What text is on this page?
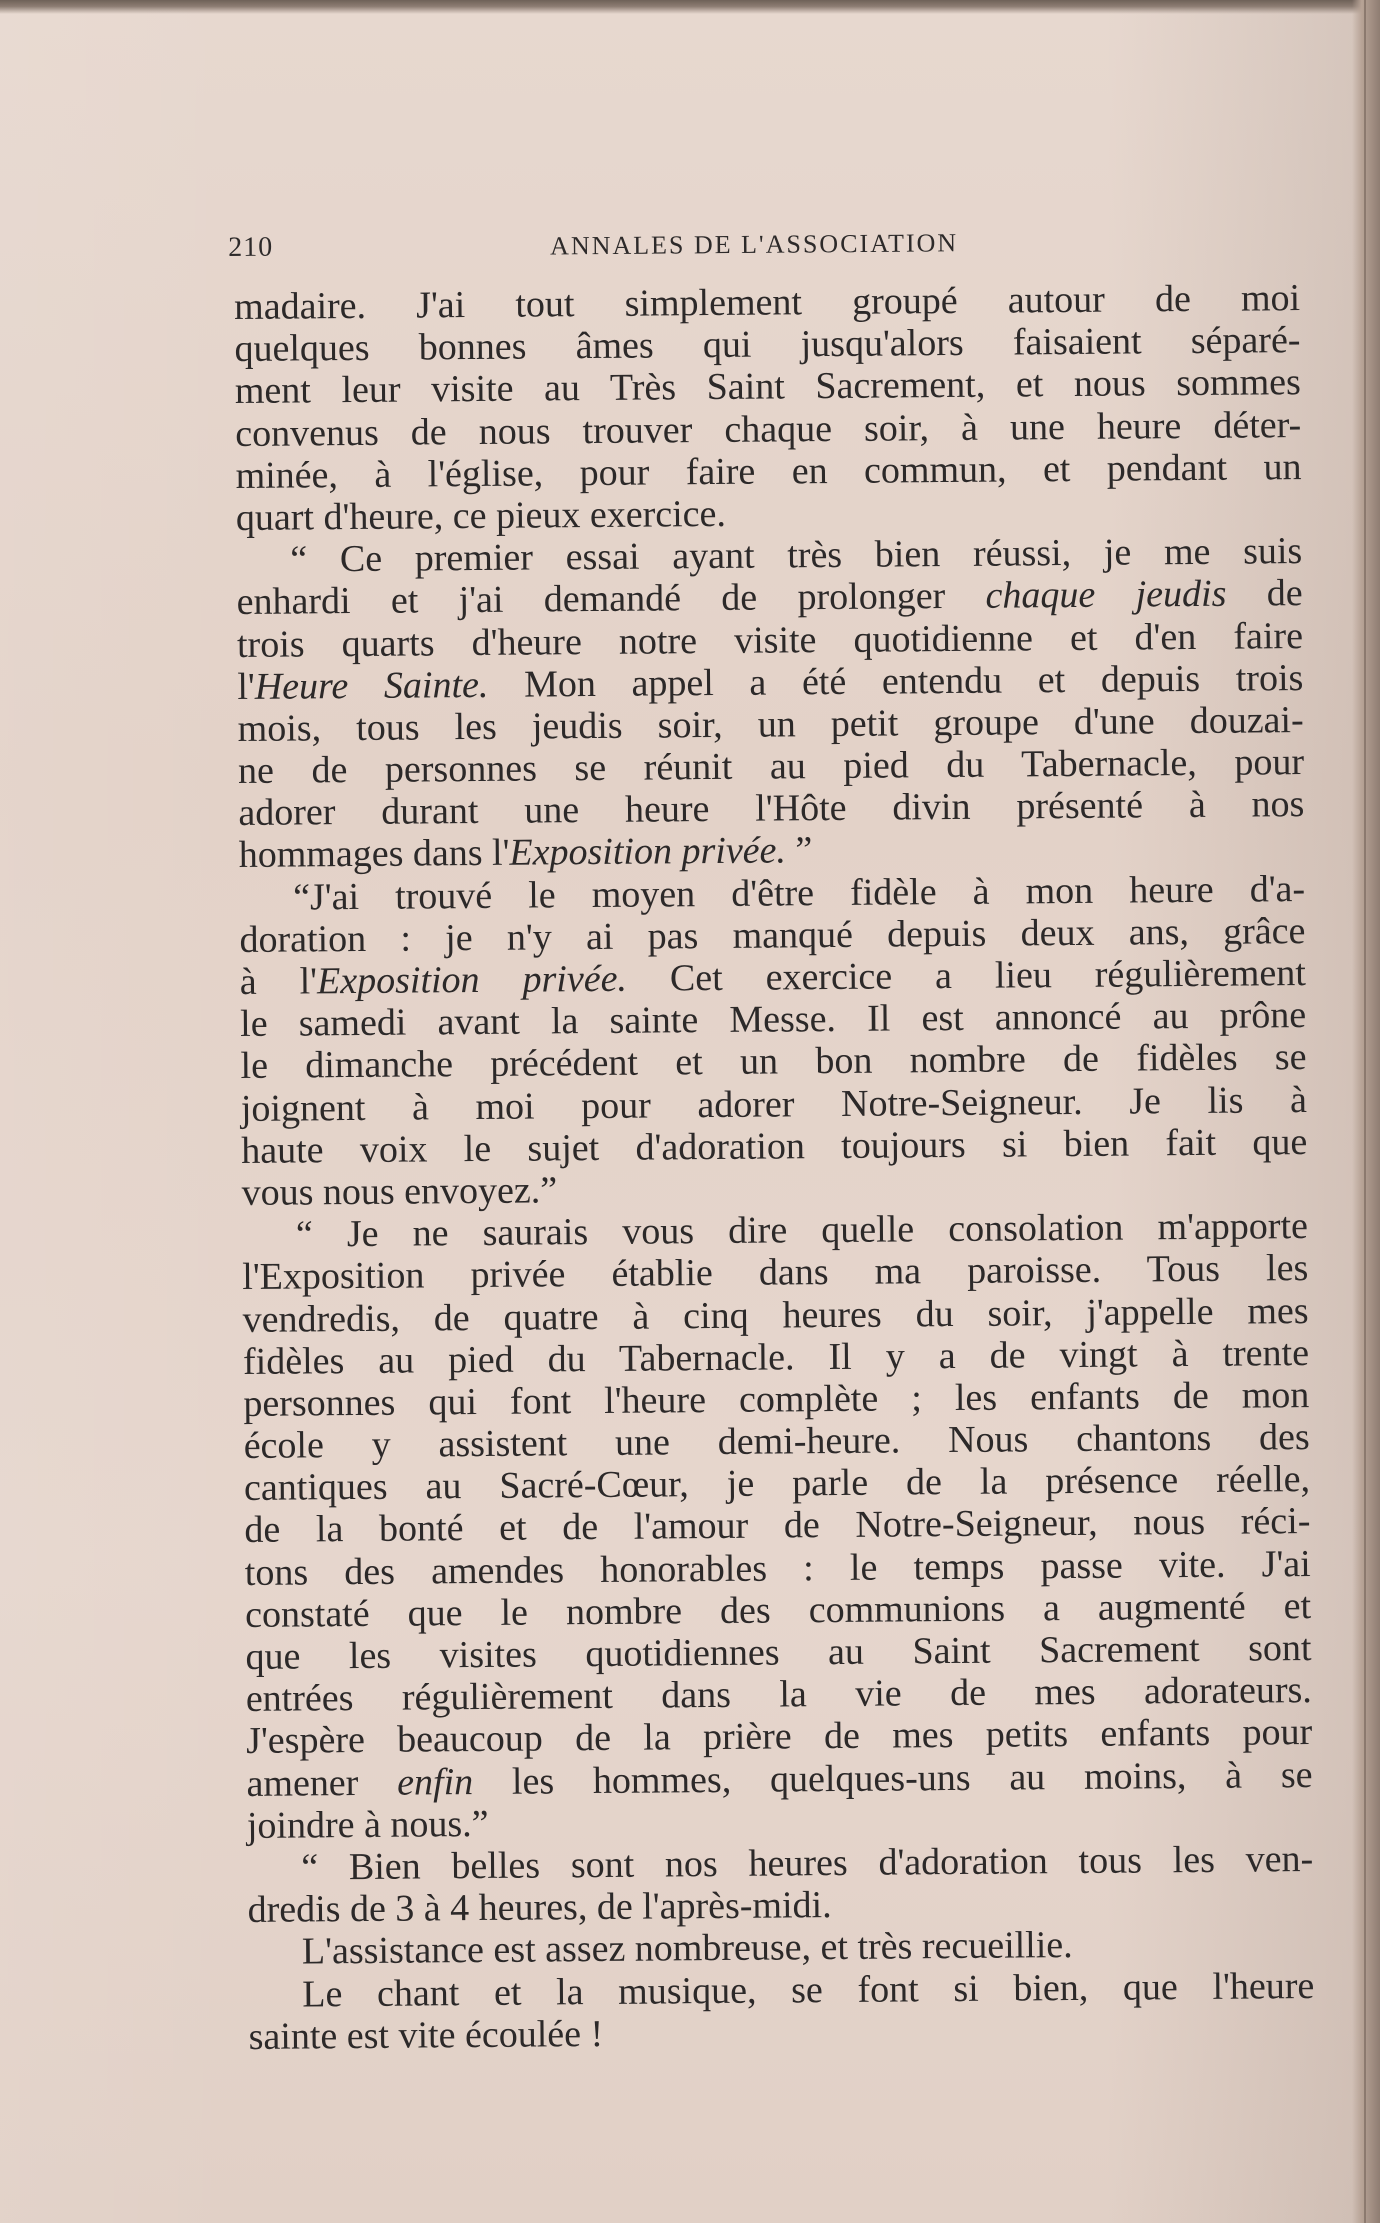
210	ANNALES DE L'ASSOCIATION
madaire. J'ai tout simplement groupé autour de moi
quelques bonnes âmes qui jusqu'alors faisaient séparé-
ment leur visite au Très Saint Sacrement, et nous sommes
convenus de nous trouver chaque soir, à une heure déter-
minée, à l'église, pour faire en commun, et pendant un
quart d'heure, ce pieux exercice.
“ Ce premier essai ayant très bien réussi, je me suis
enhardi et j'ai demandé de prolonger chaque jeudis de
trois quarts d'heure notre visite quotidienne et d'en faire
l'Heure Sainte. Mon appel a été entendu et depuis trois
mois, tous les jeudis soir, un petit groupe d'une douzai-
ne de personnes se réunit au pied du Tabernacle, pour
adorer durant une heure l'Hôte divin présenté à nos
hommages dans l'Exposition privée. ”
“J'ai trouvé le moyen d'être fidèle à mon heure d'a-
doration : je n'y ai pas manqué depuis deux ans, grâce
à l'Exposition privée. Cet exercice a lieu régulièrement
le samedi avant la sainte Messe. Il est annoncé au prône
le dimanche précédent et un bon nombre de fidèles se
joignent à moi pour adorer Notre-Seigneur. Je lis à
haute voix le sujet d'adoration toujours si bien fait que
vous nous envoyez.”
“ Je ne saurais vous dire quelle consolation m'apporte
l'Exposition privée établie dans ma paroisse. Tous les
vendredis, de quatre à cinq heures du soir, j'appelle mes
fidèles au pied du Tabernacle. Il y a de vingt à trente
personnes qui font l'heure complète ; les enfants de mon
école y assistent une demi-heure. Nous chantons des
cantiques au Sacré-Cœur, je parle de la présence réelle,
de la bonté et de l'amour de Notre-Seigneur, nous réci-
tons des amendes honorables : le temps passe vite. J'ai
constaté que le nombre des communions a augmenté et
que les visites quotidiennes au Saint Sacrement sont
entrées régulièrement dans la vie de mes adorateurs.
J'espère beaucoup de la prière de mes petits enfants pour
amener enfin les hommes, quelques-uns au moins, à se
joindre à nous.”
“ Bien belles sont nos heures d'adoration tous les ven-
dredis de 3 à 4 heures, de l'après-midi.
L'assistance est assez nombreuse, et très recueillie.
Le chant et la musique, se font si bien, que l'heure
sainte est vite écoulée !
